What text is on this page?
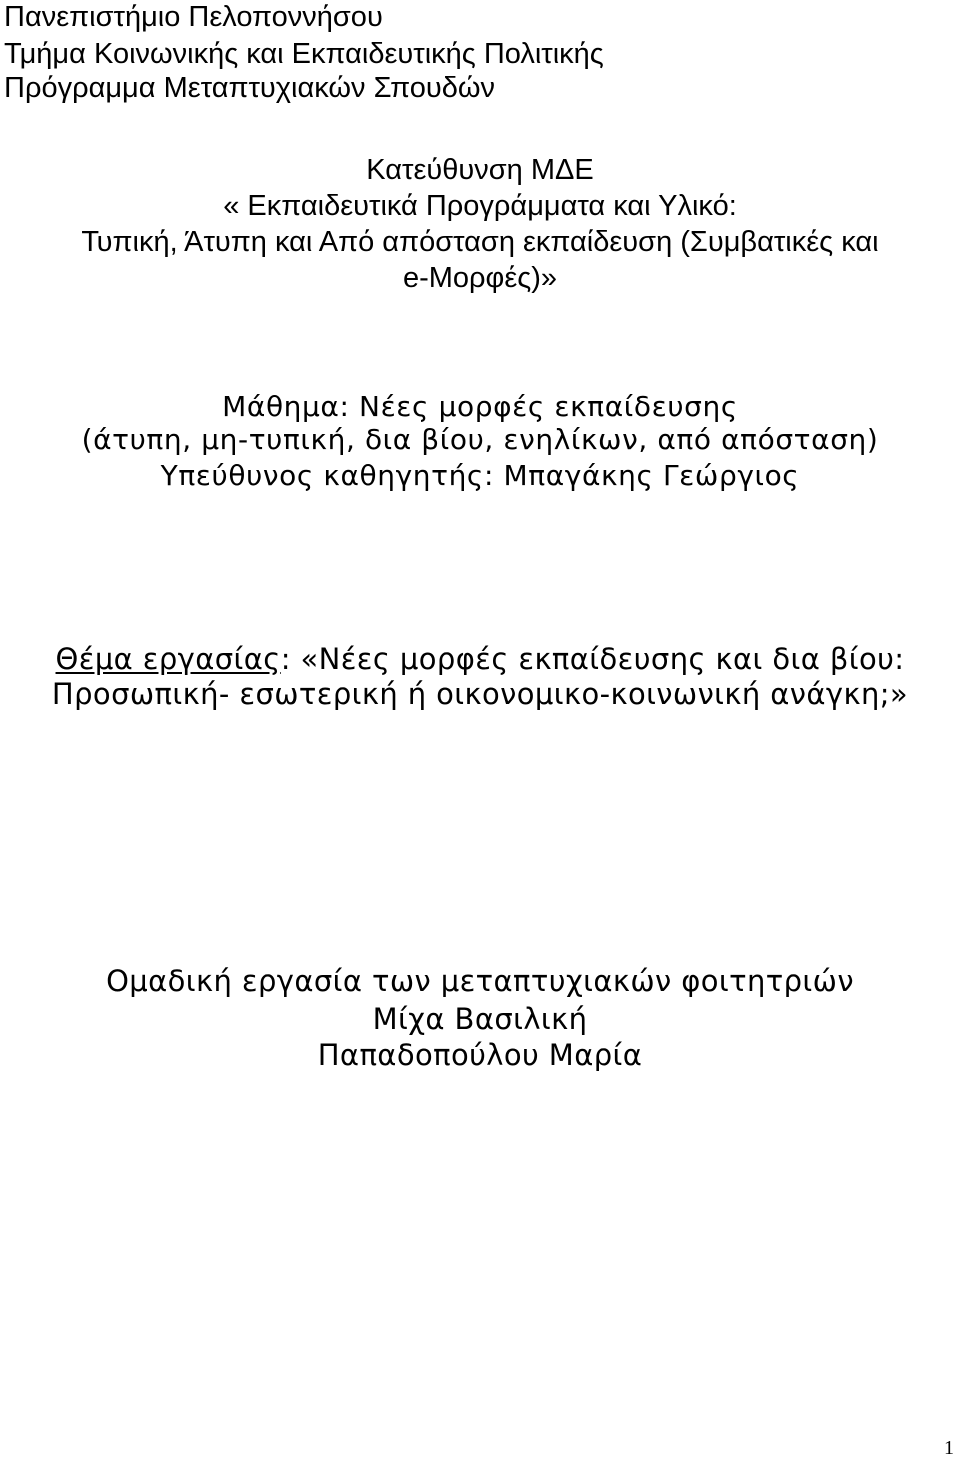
Πανεπιστήμιο Πελοποννήσου
Τμήμα Κοινωνικής και Εκπαιδευτικής Πολιτικής
Πρόγραμμα Μεταπτυχιακών Σπουδών
Κατεύθυνση ΜΔΕ
« Εκπαιδευτικά Προγράμματα και Υλικό:
Τυπική, Άτυπη και Από απόσταση εκπαίδευση (Συμβατικές και
e-Μορφές)»
Μάθημα: Νέες μορφές εκπαίδευσης
(άτυπη, μη-τυπική, δια βίου, ενηλίκων, από απόσταση)
Υπεύθυνος καθηγητής: Μπαγάκης Γεώργιος
Θέμα εργασίας: «Νέες μορφές εκπαίδευσης και δια βίου:
Προσωπική- εσωτερική ή οικονομικο-κοινωνική ανάγκη;»
Ομαδική εργασία των μεταπτυχιακών φοιτητριών
Μίχα Βασιλική
Παπαδοπούλου Μαρία
1
